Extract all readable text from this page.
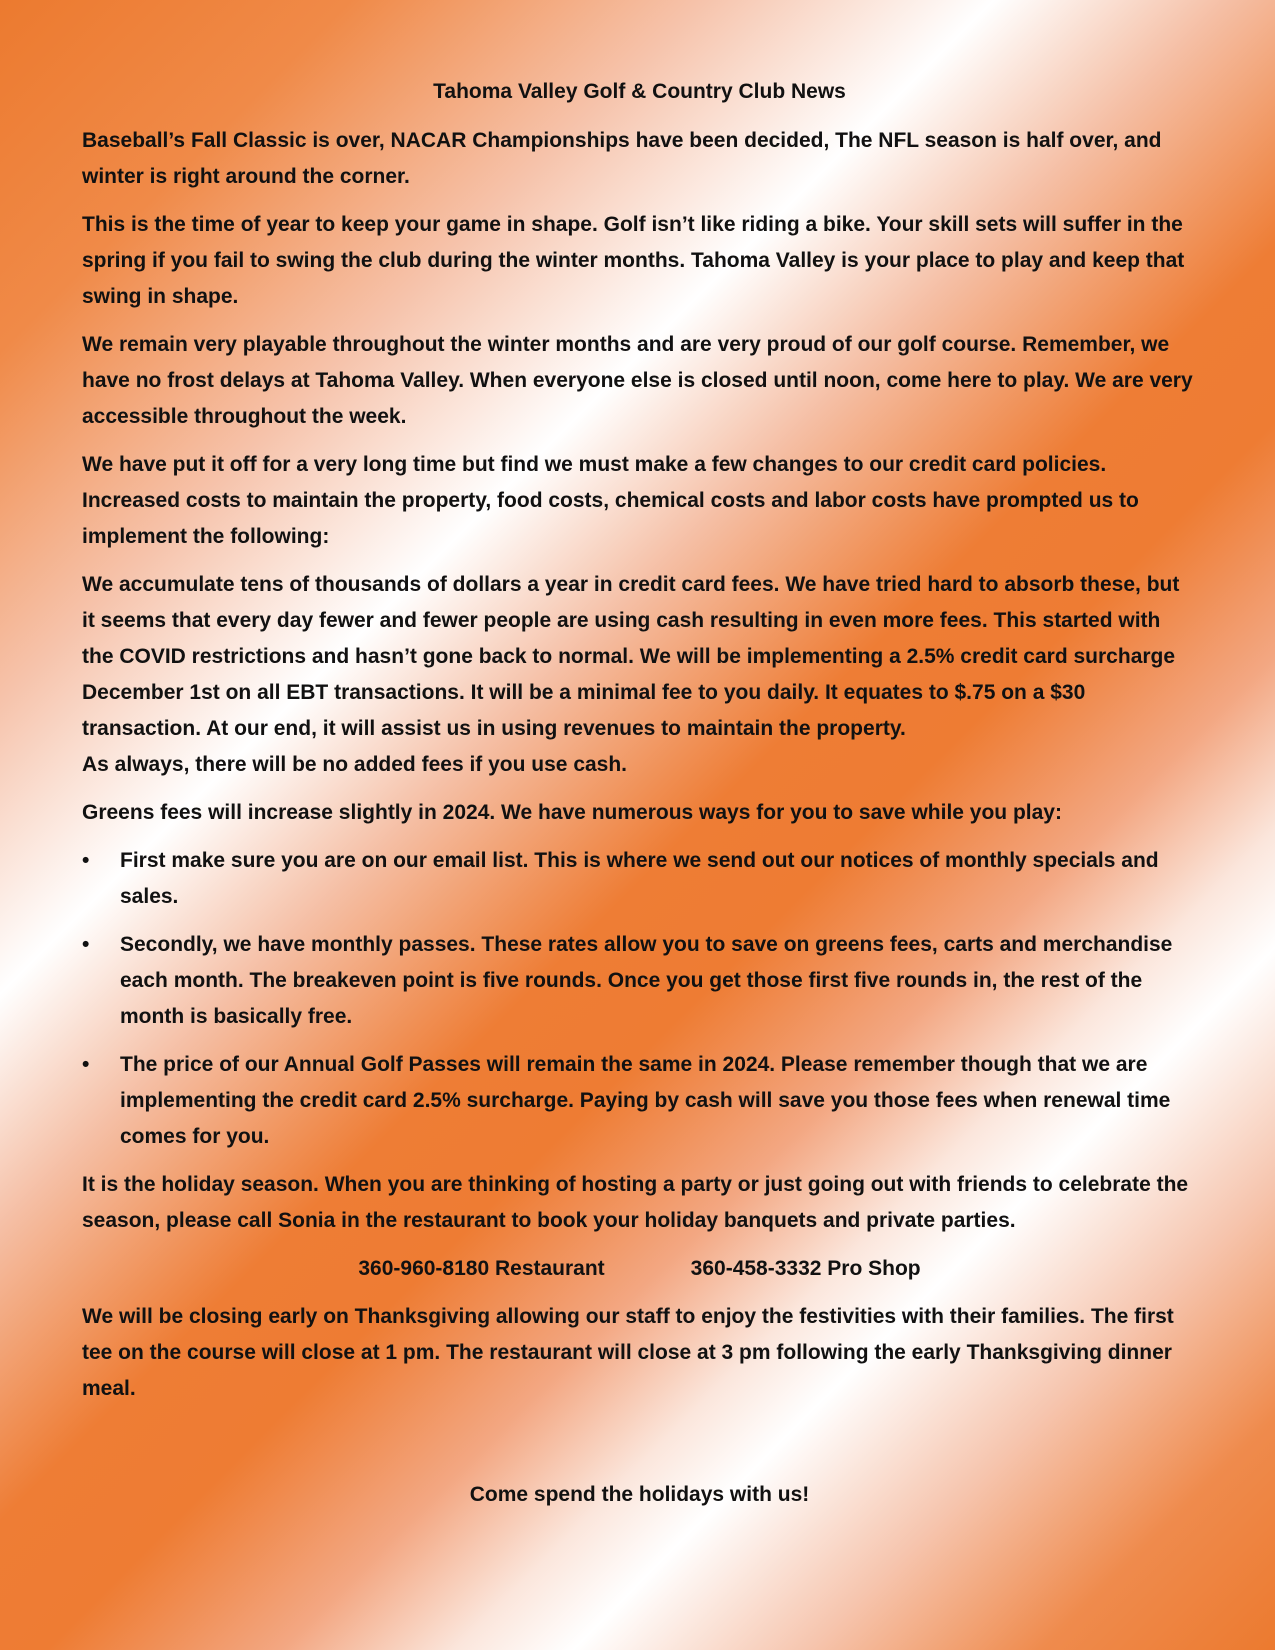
Tahoma Valley Golf & Country Club News

Baseball’s Fall Classic is over, NACAR Championships have been decided, The NFL season is half over, and winter is right around the corner.

This is the time of year to keep your game in shape. Golf isn’t like riding a bike. Your skill sets will suffer in the spring if you fail to swing the club during the winter months. Tahoma Valley is your place to play and keep that swing in shape.

We remain very playable throughout the winter months and are very proud of our golf course. Remember, we have no frost delays at Tahoma Valley. When everyone else is closed until noon, come here to play. We are very accessible throughout the week.

We have put it off for a very long time but find we must make a few changes to our credit card policies. Increased costs to maintain the property, food costs, chemical costs and labor costs have prompted us to implement the following:

We accumulate tens of thousands of dollars a year in credit card fees. We have tried hard to absorb these, but it seems that every day fewer and fewer people are using cash resulting in even more fees. This started with the COVID restrictions and hasn’t gone back to normal. We will be implementing a 2.5% credit card surcharge December 1st on all EBT transactions. It will be a minimal fee to you daily. It equates to $.75 on a $30 transaction. At our end, it will assist us in using revenues to maintain the property.

As always, there will be no added fees if you use cash.

Greens fees will increase slightly in 2024. We have numerous ways for you to save while you play:

• First make sure you are on our email list. This is where we send out our notices of monthly specials and sales.
• Secondly, we have monthly passes. These rates allow you to save on greens fees, carts and merchandise each month. The breakeven point is five rounds. Once you get those first five rounds in, the rest of the month is basically free.
• The price of our Annual Golf Passes will remain the same in 2024. Please remember though that we are implementing the credit card 2.5% surcharge. Paying by cash will save you those fees when renewal time comes for you.

It is the holiday season. When you are thinking of hosting a party or just going out with friends to celebrate the season, please call Sonia in the restaurant to book your holiday banquets and private parties.

360-960-8180 Restaurant	360-458-3332 Pro Shop

We will be closing early on Thanksgiving allowing our staff to enjoy the festivities with their families. The first tee on the course will close at 1 pm. The restaurant will close at 3 pm following the early Thanksgiving dinner meal.

Come spend the holidays with us!
